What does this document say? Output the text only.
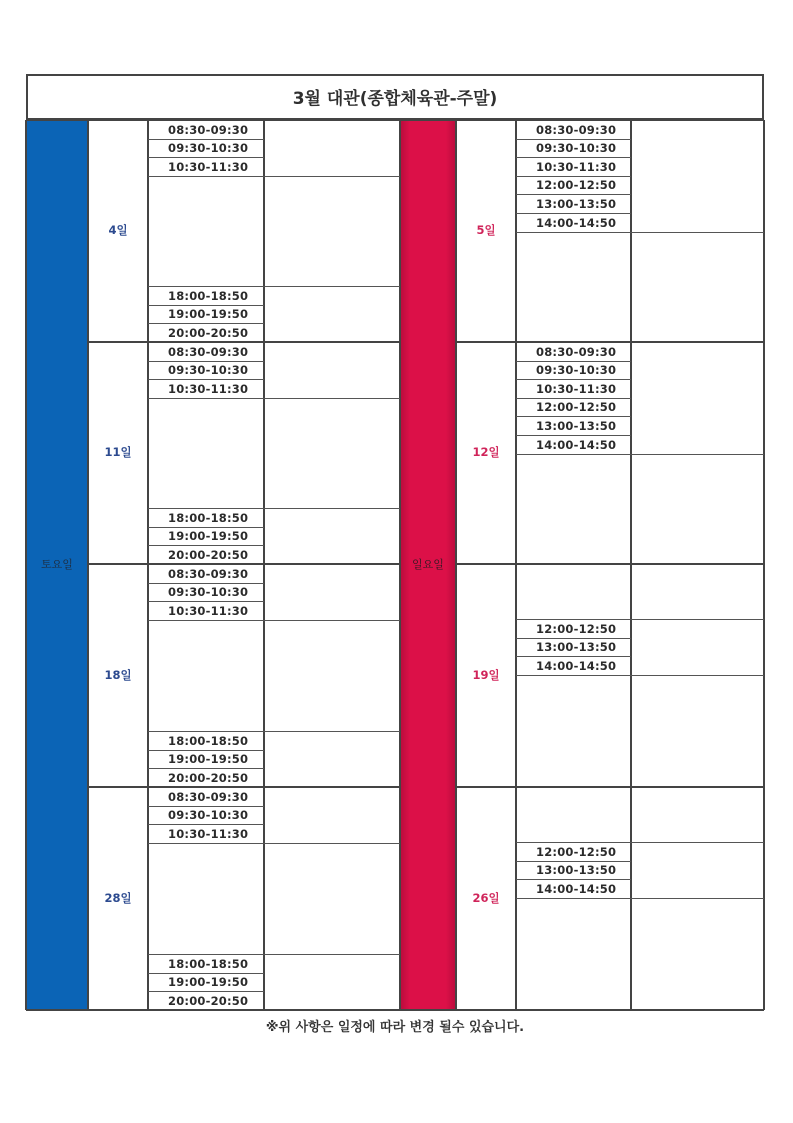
3월 대관(종합체육관-주말)
토요일	일요일
4일
08:30-09:30
09:30-10:30
10:30-11:30
18:00-18:50
19:00-19:50
20:00-20:50
5일
08:30-09:30
09:30-10:30
10:30-11:30
12:00-12:50
13:00-13:50
14:00-14:50
11일
08:30-09:30
09:30-10:30
10:30-11:30
18:00-18:50
19:00-19:50
20:00-20:50
12일
08:30-09:30
09:30-10:30
10:30-11:30
12:00-12:50
13:00-13:50
14:00-14:50
18일
08:30-09:30
09:30-10:30
10:30-11:30
18:00-18:50
19:00-19:50
20:00-20:50
19일
12:00-12:50
13:00-13:50
14:00-14:50
28일
08:30-09:30
09:30-10:30
10:30-11:30
18:00-18:50
19:00-19:50
20:00-20:50
26일
12:00-12:50
13:00-13:50
14:00-14:50
※위 사항은 일정에 따라 변경 될수 있습니다.
